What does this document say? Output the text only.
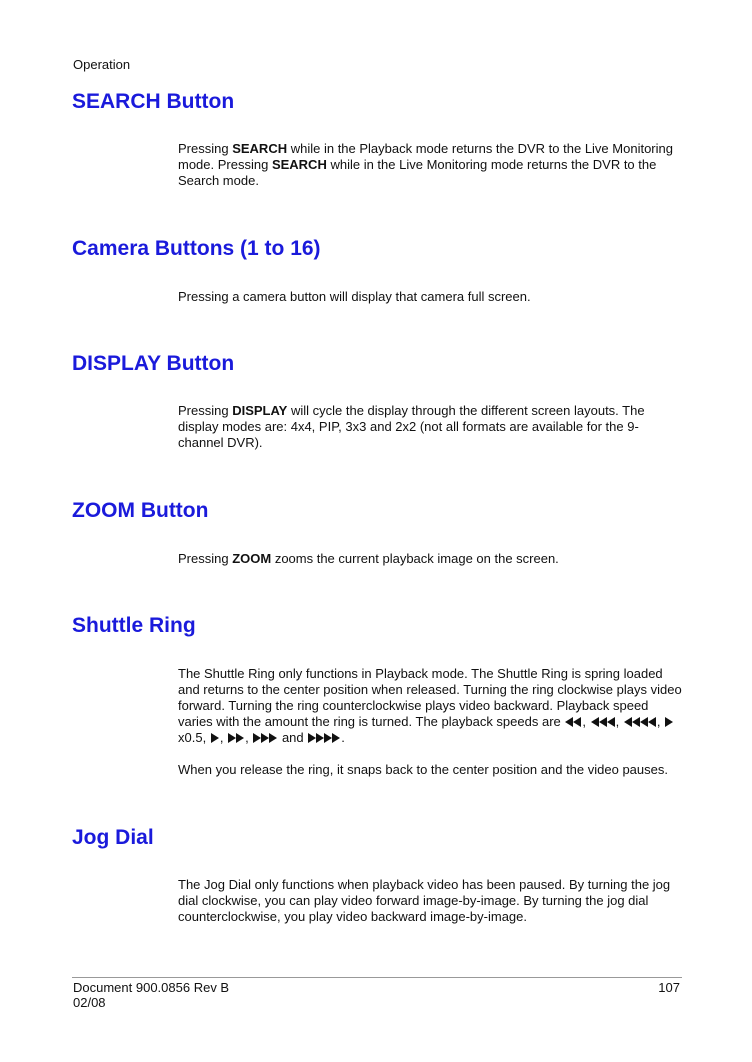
Operation
SEARCH Button

Pressing SEARCH while in the Playback mode returns the DVR to the Live Monitoring mode. Pressing SEARCH while in the Live Monitoring mode returns the DVR to the Search mode.

Camera Buttons (1 to 16)

Pressing a camera button will display that camera full screen.

DISPLAY Button

Pressing DISPLAY will cycle the display through the different screen layouts. The display modes are: 4x4, PIP, 3x3 and 2x2 (not all formats are available for the 9-channel DVR).

ZOOM Button

Pressing ZOOM zooms the current playback image on the screen.

Shuttle Ring

The Shuttle Ring only functions in Playback mode. The Shuttle Ring is spring loaded and returns to the center position when released. Turning the ring clockwise plays video forward. Turning the ring counterclockwise plays video backward. Playback speed varies with the amount the ring is turned. The playback speeds are
, ,	,
x0.5, , ,	and	.

When you release the ring, it snaps back to the center position and the video pauses.

Jog Dial

The Jog Dial only functions when playback video has been paused. By turning the jog dial clockwise, you can play video forward image-by-image. By turning the jog dial counterclockwise, you play video backward image-by-image.

Document 900.0856 Rev B
02/08
107
